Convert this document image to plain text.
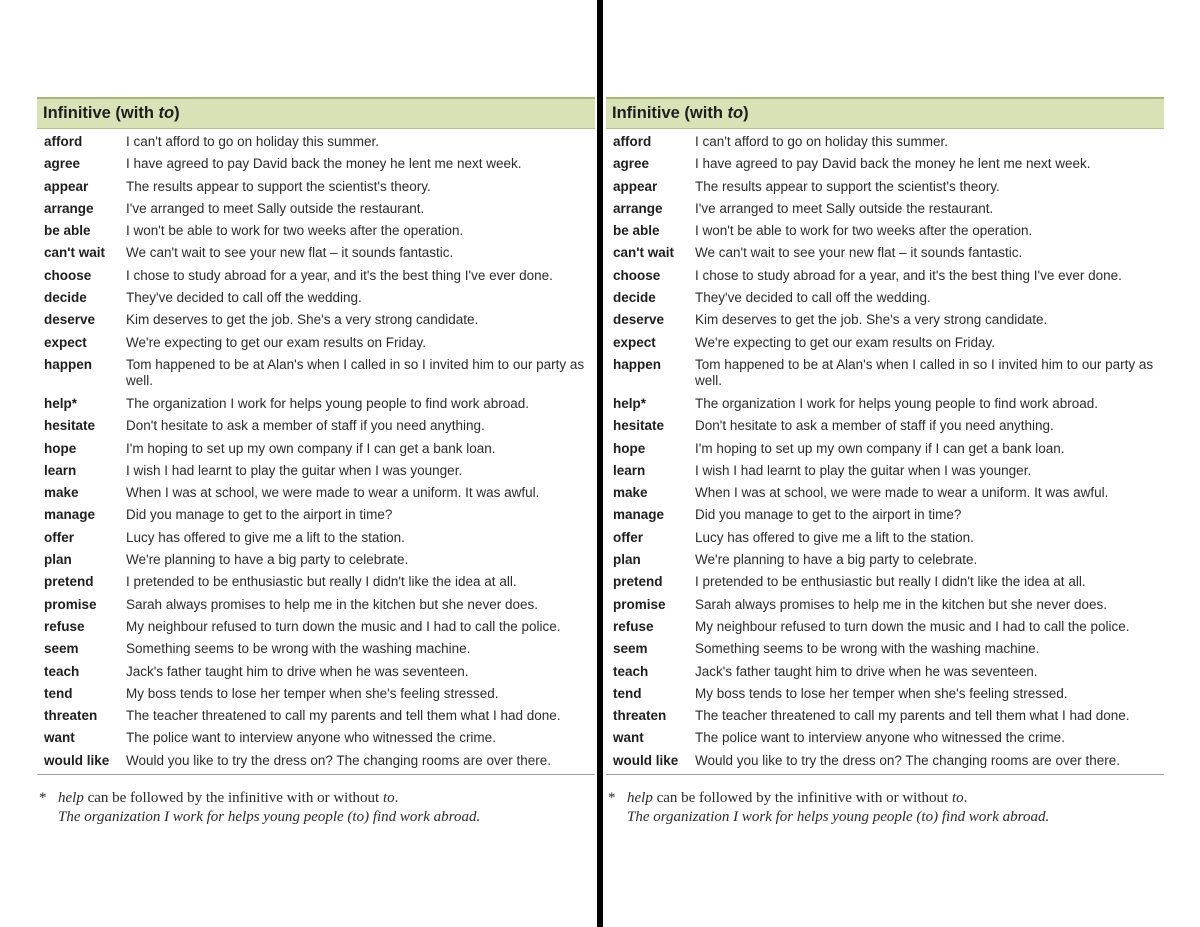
Infinitive (with to)
afford	I can't afford to go on holiday this summer.
agree	I have agreed to pay David back the money he lent me next week.
appear	The results appear to support the scientist's theory.
arrange	I've arranged to meet Sally outside the restaurant.
be able	I won't be able to work for two weeks after the operation.
can't wait	We can't wait to see your new flat – it sounds fantastic.
choose	I chose to study abroad for a year, and it's the best thing I've ever done.
decide	They've decided to call off the wedding.
deserve	Kim deserves to get the job. She's a very strong candidate.
expect	We're expecting to get our exam results on Friday.
happen	Tom happened to be at Alan's when I called in so I invited him to our party as well.
help*	The organization I work for helps young people to find work abroad.
hesitate	Don't hesitate to ask a member of staff if you need anything.
hope	I'm hoping to set up my own company if I can get a bank loan.
learn	I wish I had learnt to play the guitar when I was younger.
make	When I was at school, we were made to wear a uniform. It was awful.
manage	Did you manage to get to the airport in time?
offer	Lucy has offered to give me a lift to the station.
plan	We're planning to have a big party to celebrate.
pretend	I pretended to be enthusiastic but really I didn't like the idea at all.
promise	Sarah always promises to help me in the kitchen but she never does.
refuse	My neighbour refused to turn down the music and I had to call the police.
seem	Something seems to be wrong with the washing machine.
teach	Jack's father taught him to drive when he was seventeen.
tend	My boss tends to lose her temper when she's feeling stressed.
threaten	The teacher threatened to call my parents and tell them what I had done.
want	The police want to interview anyone who witnessed the crime.
would like	Would you like to try the dress on? The changing rooms are over there.
* help can be followed by the infinitive with or without to.
The organization I work for helps young people (to) find work abroad.
Infinitive (with to)
afford	I can't afford to go on holiday this summer.
agree	I have agreed to pay David back the money he lent me next week.
appear	The results appear to support the scientist's theory.
arrange	I've arranged to meet Sally outside the restaurant.
be able	I won't be able to work for two weeks after the operation.
can't wait	We can't wait to see your new flat – it sounds fantastic.
choose	I chose to study abroad for a year, and it's the best thing I've ever done.
decide	They've decided to call off the wedding.
deserve	Kim deserves to get the job. She's a very strong candidate.
expect	We're expecting to get our exam results on Friday.
happen	Tom happened to be at Alan's when I called in so I invited him to our party as well.
help*	The organization I work for helps young people to find work abroad.
hesitate	Don't hesitate to ask a member of staff if you need anything.
hope	I'm hoping to set up my own company if I can get a bank loan.
learn	I wish I had learnt to play the guitar when I was younger.
make	When I was at school, we were made to wear a uniform. It was awful.
manage	Did you manage to get to the airport in time?
offer	Lucy has offered to give me a lift to the station.
plan	We're planning to have a big party to celebrate.
pretend	I pretended to be enthusiastic but really I didn't like the idea at all.
promise	Sarah always promises to help me in the kitchen but she never does.
refuse	My neighbour refused to turn down the music and I had to call the police.
seem	Something seems to be wrong with the washing machine.
teach	Jack's father taught him to drive when he was seventeen.
tend	My boss tends to lose her temper when she's feeling stressed.
threaten	The teacher threatened to call my parents and tell them what I had done.
want	The police want to interview anyone who witnessed the crime.
would like	Would you like to try the dress on? The changing rooms are over there.
* help can be followed by the infinitive with or without to.
The organization I work for helps young people (to) find work abroad.
